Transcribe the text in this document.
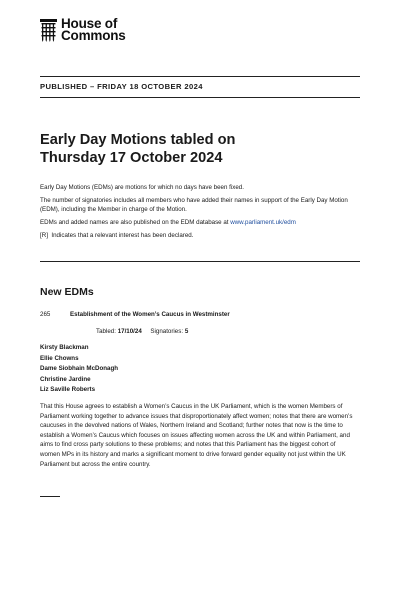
House of
Commons
PUBLISHED – FRIDAY 18 OCTOBER 2024
Early Day Motions tabled on
Thursday 17 October 2024

Early Day Motions (EDMs) are motions for which no days have been fixed.

The number of signatories includes all members who have added their names in support of the Early Day Motion (EDM), including the Member in charge of the Motion.

EDMs and added names are also published on the EDM database at www.parliament.uk/edm

[R] Indicates that a relevant interest has been declared.

New EDMs
265	Establishment of the Women’s Caucus in Westminster
Tabled: 17/10/24 Signatories: 5
Kirsty Blackman
Ellie Chowns
Dame Siobhain McDonagh
Christine Jardine
Liz Saville Roberts
That this House agrees to establish a Women’s Caucus in the UK Parliament, which is the women Members of Parliament working together to advance issues that disproportionately affect women; notes that there are women’s caucuses in the devolved nations of Wales, Northern Ireland and Scotland; further notes that now is the time to establish a Women’s Caucus which focuses on issues affecting women across the UK and within Parliament, and aims to find cross party solutions to these problems; and notes that this Parliament has the biggest cohort of women MPs in its history and marks a significant moment to drive forward gender equality not just within the UK Parliament but across the entire country.
